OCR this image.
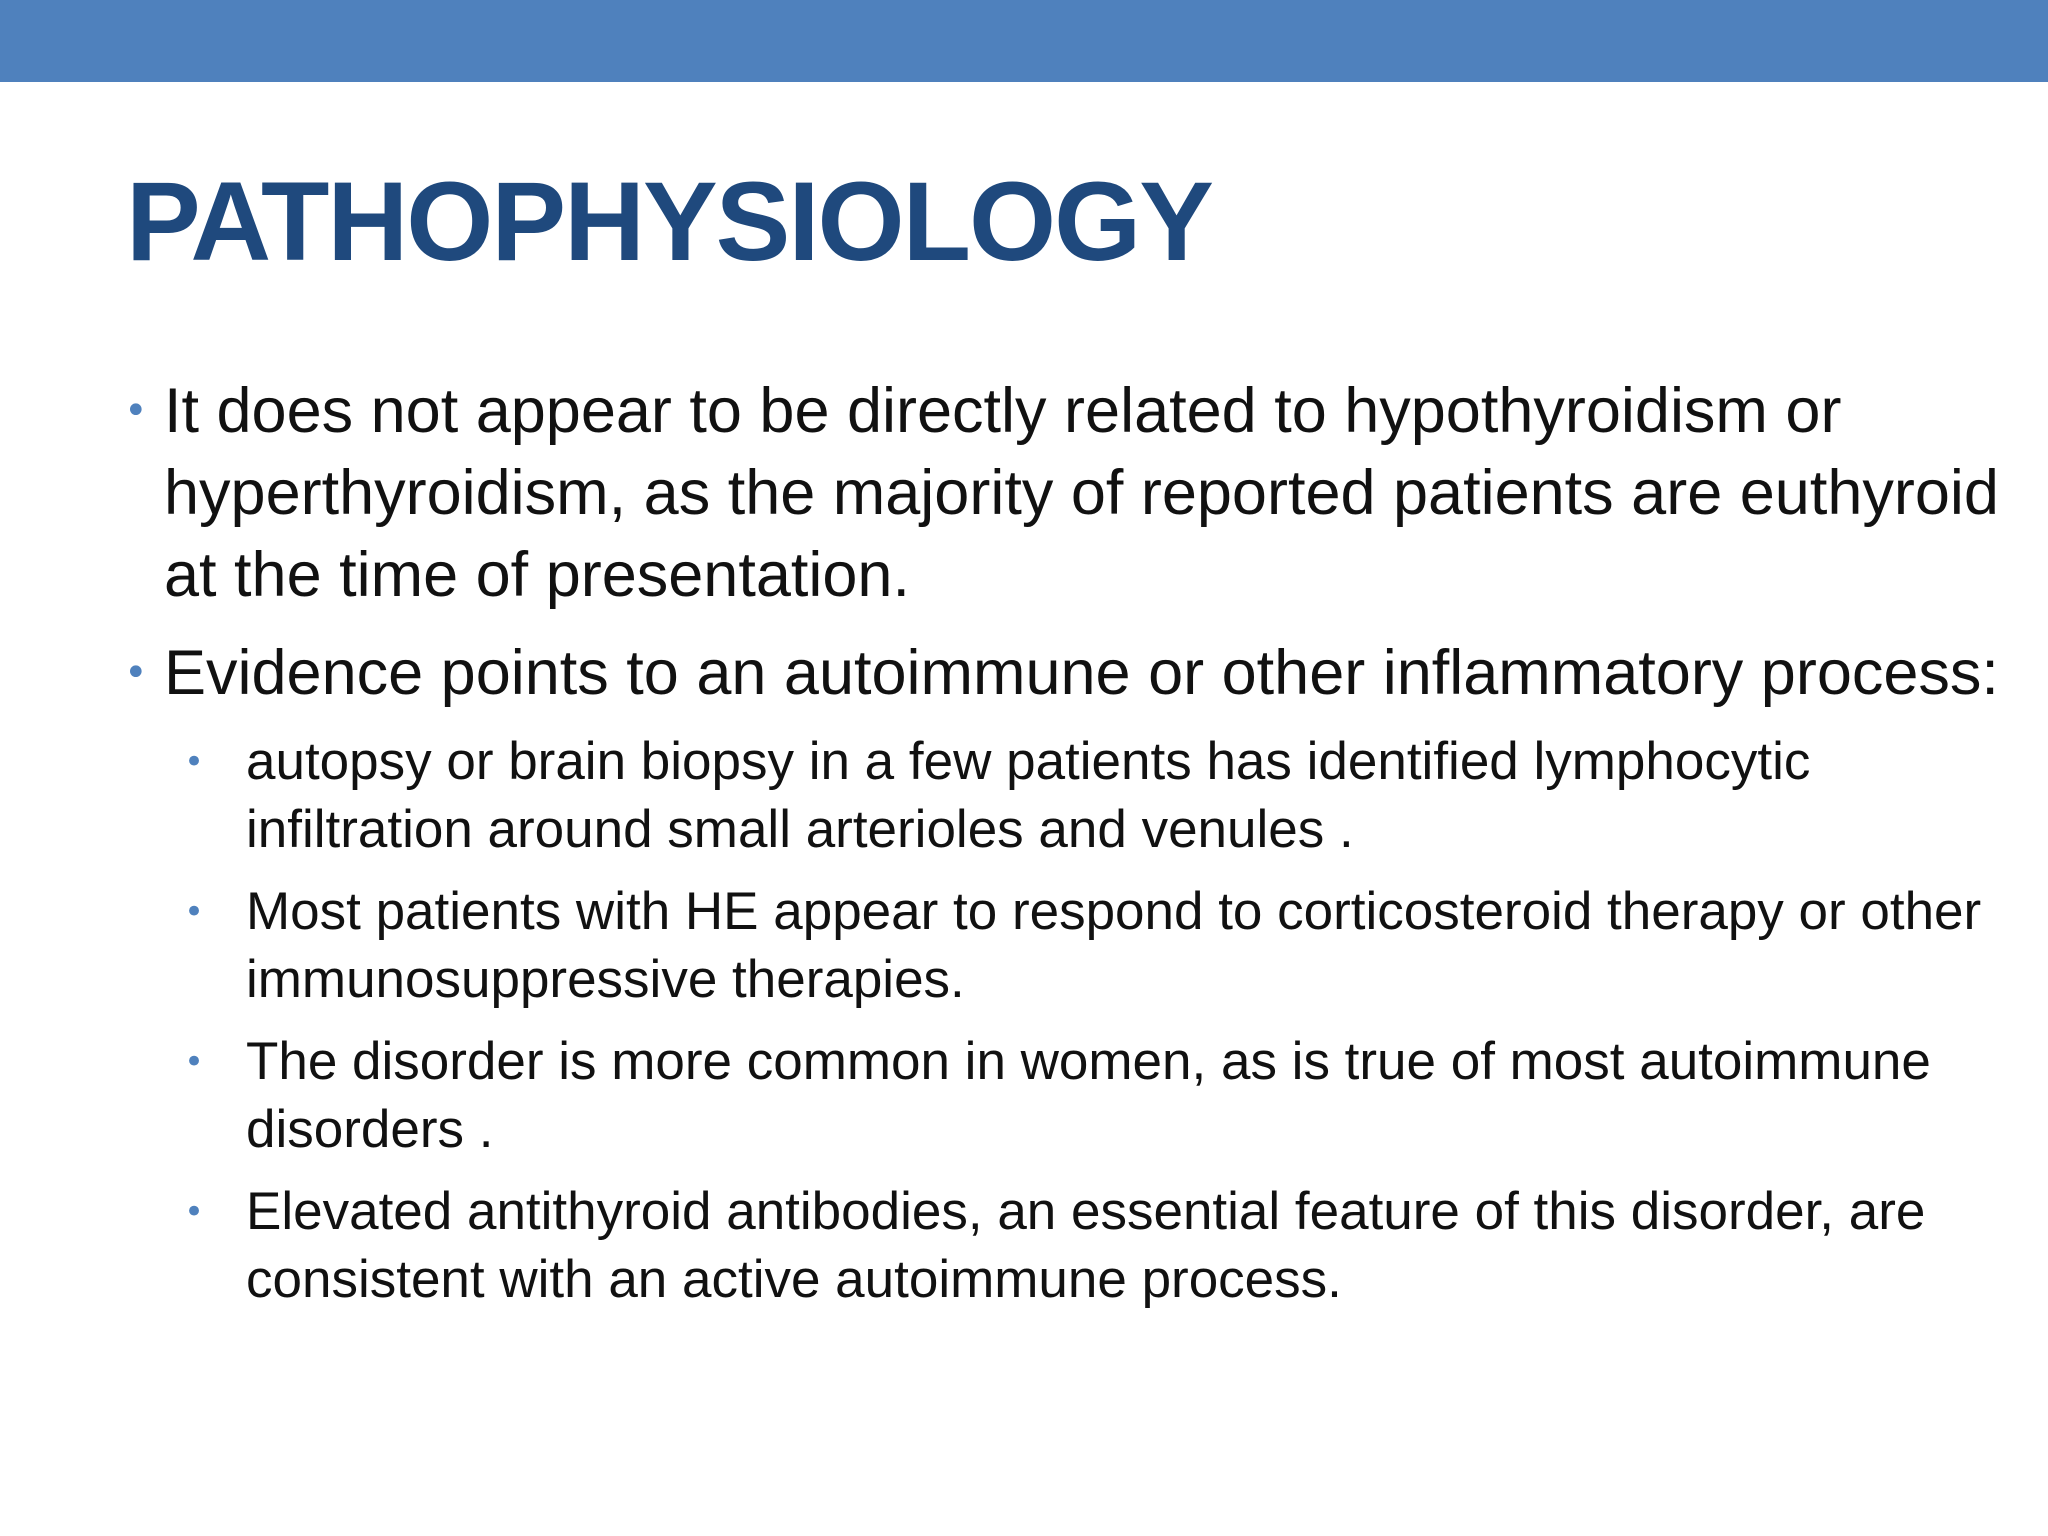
PATHOPHYSIOLOGY
• It does not appear to be directly related to hypothyroidism or hyperthyroidism, as the majority of reported patients are euthyroid at the time of presentation.
• Evidence points to an autoimmune or other inflammatory process:
• autopsy or brain biopsy in a few patients has identified lymphocytic infiltration around small arterioles and venules .
• Most patients with HE appear to respond to corticosteroid therapy or other immunosuppressive therapies.
• The disorder is more common in women, as is true of most autoimmune disorders .
• Elevated antithyroid antibodies, an essential feature of this disorder, are consistent with an active autoimmune process.
